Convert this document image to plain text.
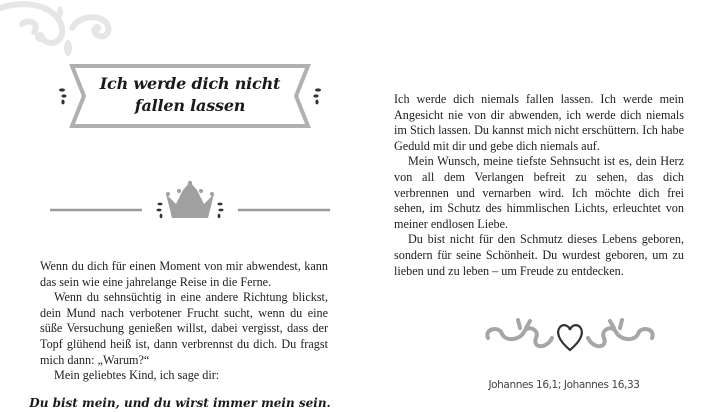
Ich werde dich nicht
fallen lassen

Wenn du dich für einen Moment von mir abwendest, kann das sein wie eine jahrelange Reise in die Ferne.

Wenn du sehnsüchtig in eine andere Richtung blickst, dein Mund nach verbotener Frucht sucht, wenn du eine süße Versuchung genießen willst, dabei vergisst, dass der Topf glühend heiß ist, dann verbrennst du dich. Du fragst mich dann: „Warum?“

Mein geliebtes Kind, ich sage dir:

Du bist mein, und du wirst immer mein sein.

Ich werde dich niemals fallen lassen. Ich werde mein Angesicht nie von dir abwenden, ich werde dich niemals im Stich lassen. Du kannst mich nicht erschüttern. Ich habe Geduld mit dir und gebe dich niemals auf.

Mein Wunsch, meine tiefste Sehnsucht ist es, dein Herz von all dem Verlangen befreit zu sehen, das dich verbrennen und vernarben wird. Ich möchte dich frei sehen, im Schutz des himmlischen Lichts, erleuchtet von meiner endlosen Liebe.

Du bist nicht für den Schmutz dieses Lebens geboren, sondern für seine Schönheit. Du wurdest geboren, um zu lieben und zu leben – um Freude zu entdecken.

Johannes 16,1; Johannes 16,33
